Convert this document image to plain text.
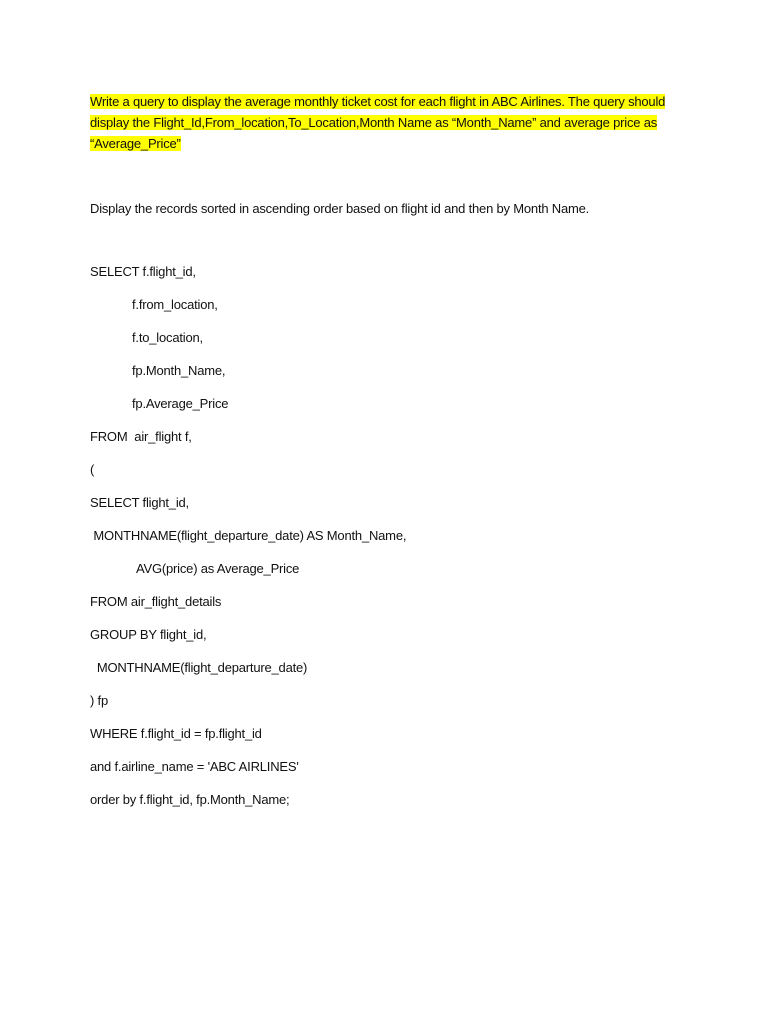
Write a query to display the average monthly ticket cost for each flight in ABC Airlines. The query should
display the Flight_Id,From_location,To_Location,Month Name as “Month_Name” and average price as
“Average_Price”
Display the records sorted in ascending order based on flight id and then by Month Name.
SELECT f.flight_id,
f.from_location,
f.to_location,
fp.Month_Name,
fp.Average_Price
FROM  air_flight f,
(
SELECT flight_id,
MONTHNAME(flight_departure_date) AS Month_Name,
AVG(price) as Average_Price
FROM air_flight_details
GROUP BY flight_id,
MONTHNAME(flight_departure_date)
) fp
WHERE f.flight_id = fp.flight_id
and f.airline_name = 'ABC AIRLINES'
order by f.flight_id, fp.Month_Name;
